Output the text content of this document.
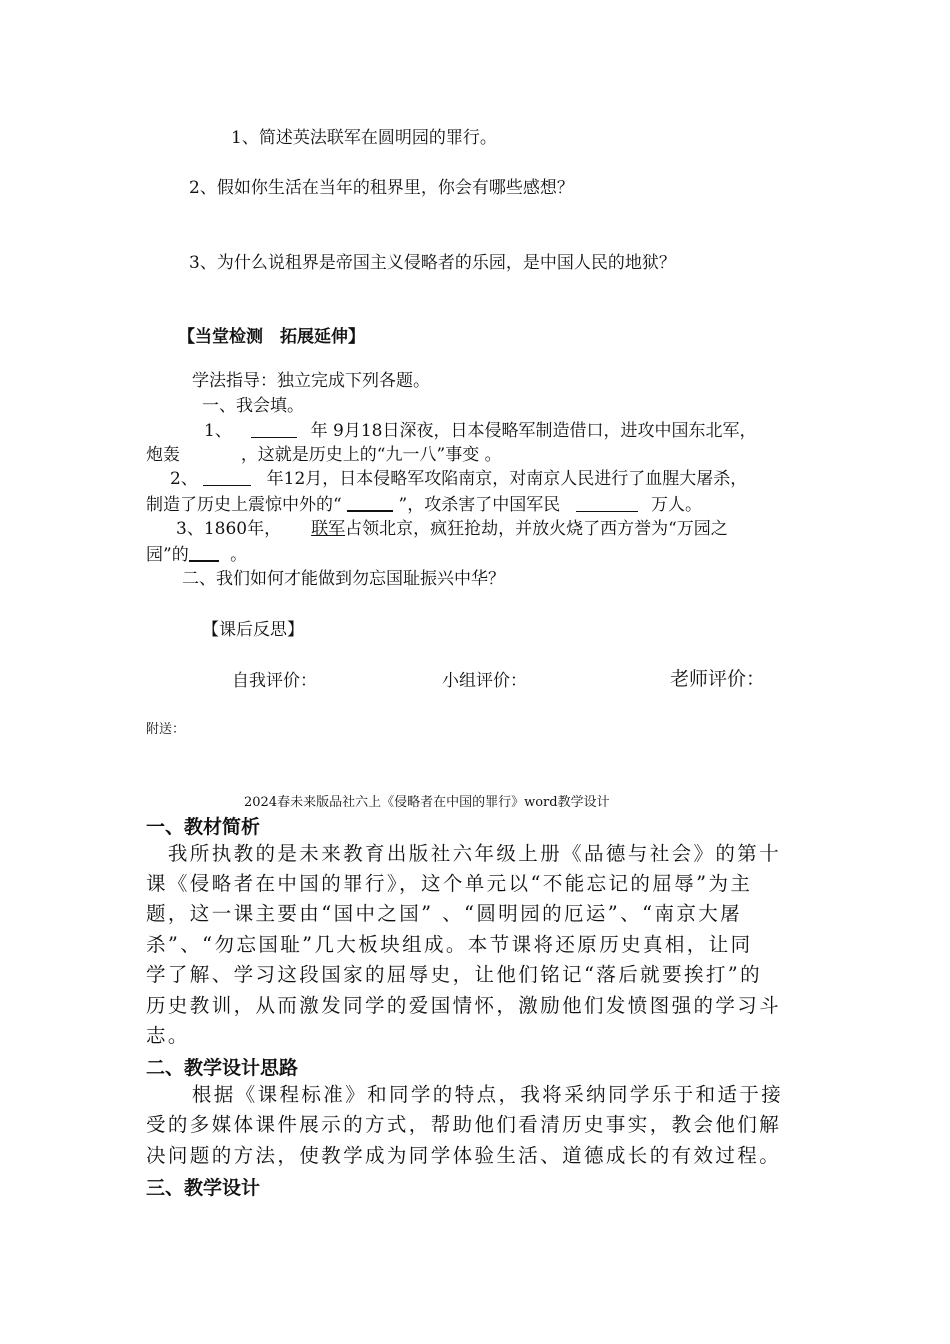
1、简述英法联军在圆明园的罪行。
2、假如你生活在当年的租界里，你会有哪些感想？
3、为什么说租界是帝国主义侵略者的乐园，是中国人民的地狱？
【当堂检测　拓展延伸】
学法指导：独立完成下列各题。
一、我会填。
1、	年 9月18日深夜，日本侵略军制造借口，进攻中国东北军，
炮轰	，这就是历史上的“九一八”事变 。
2、	年12月，日本侵略军攻陷南京，对南京人民进行了血腥大屠杀，
制造了历史上震惊中外的“	”，攻杀害了中国军民	万人。
3、1860年， 联军占领北京，疯狂抢劫，并放火烧了西方誉为“万园之
园”的 。
二、我们如何才能做到勿忘国耻振兴中华？
【课后反思】
自我评价：	小组评价：	老师评价：
附送：
2024春未来版品社六上《侵略者在中国的罪行》word教学设计
一、教材简析
　我所执教的是未来教育出版社六年级上册《品德与社会》的第十
课《侵略者在中国的罪行》，这个单元以“不能忘记的屈辱”为主
题，这一课主要由“国中之国” 、“圆明园的厄运”、“南京大屠
杀”、“勿忘国耻”几大板块组成。本节课将还原历史真相，让同
学了解、学习这段国家的屈辱史，让他们铭记“落后就要挨打”的
历史教训，从而激发同学的爱国情怀，激励他们发愤图强的学习斗
志。
二、教学设计思路
　根据《课程标准》和同学的特点，我将采纳同学乐于和适于接
受的多媒体课件展示的方式，帮助他们看清历史事实，教会他们解
决问题的方法，使教学成为同学体验生活、道德成长的有效过程。
三、教学设计
